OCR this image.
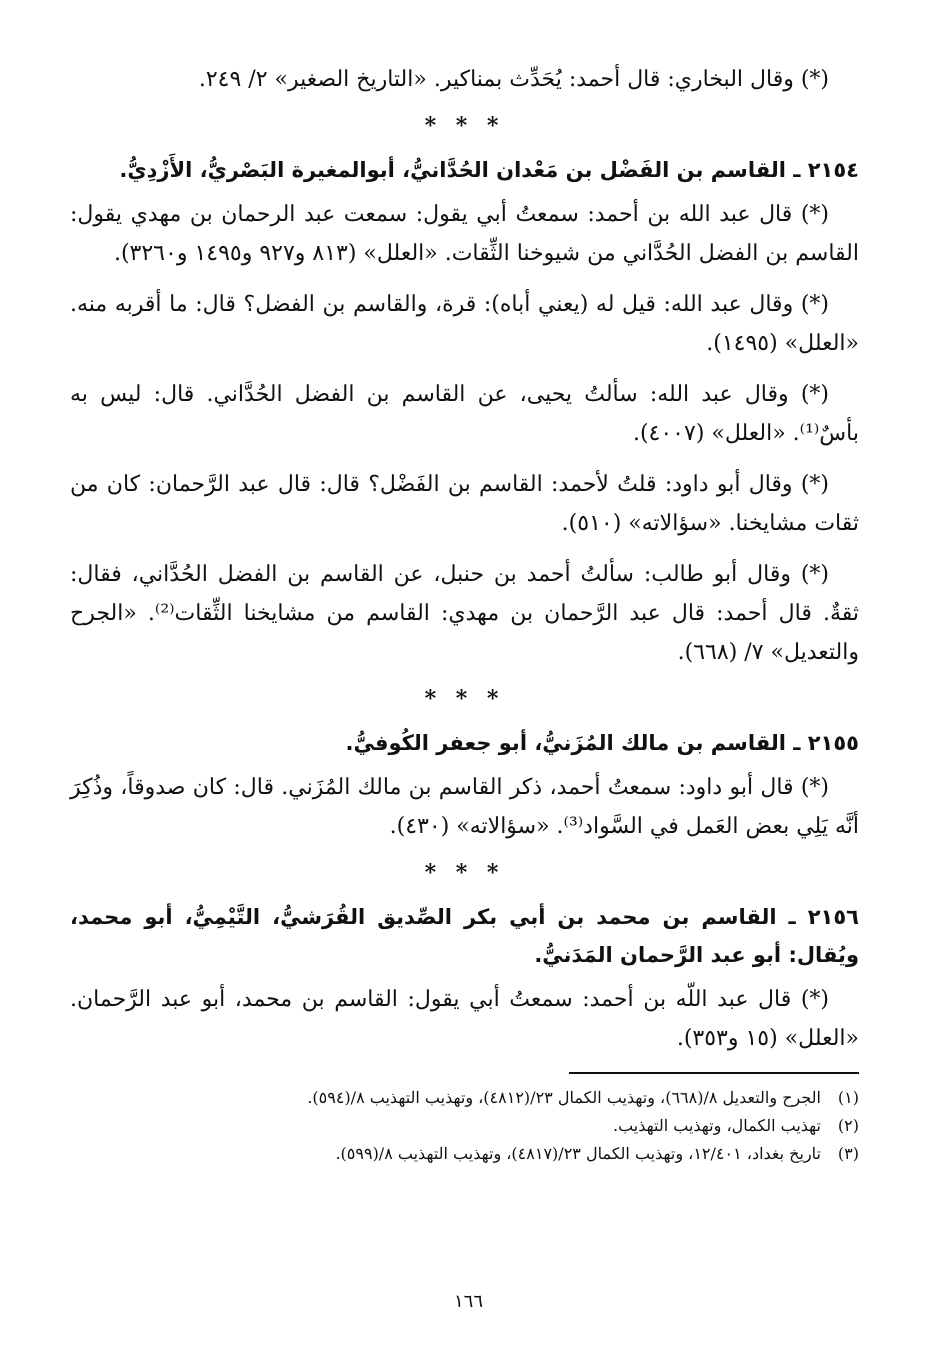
(*) وقال البخاري: قال أحمد: يُحَدِّث بمناكير. «التاريخ الصغير» ٢/ ٢٤٩.

* * *
٢١٥٤ ـ القاسم بن الفَضْل بن مَعْدان الحُدَّانيُّ، أبوالمغيرة البَصْريُّ، الأَزْدِيُّ.

(*) قال عبد الله بن أحمد: سمعتُ أبي يقول: سمعت عبد الرحمان بن مهدي يقول: القاسم بن الفضل الحُدَّاني من شيوخنا الثِّقات. «العلل» (٨١٣ و٩٢٧ و١٤٩٥ و٣٢٦٠).

(*) وقال عبد الله: قيل له (يعني أباه): قرة، والقاسم بن الفضل؟ قال: ما أقربه منه. «العلل» (١٤٩٥).

(*) وقال عبد الله: سألتُ يحيى، عن القاسم بن الفضل الحُدَّاني. قال: ليس به بأسٌ⁽¹⁾. «العلل» (٤٠٠٧).

(*) وقال أبو داود: قلتُ لأحمد: القاسم بن الفَضْل؟ قال: قال عبد الرَّحمان: كان من ثقات مشايخنا. «سؤالاته» (٥١٠).

(*) وقال أبو طالب: سألتُ أحمد بن حنبل، عن القاسم بن الفضل الحُدَّاني، فقال: ثقةٌ. قال أحمد: قال عبد الرَّحمان بن مهدي: القاسم من مشايخنا الثِّقات⁽²⁾. «الجرح والتعديل» ٧/ (٦٦٨).

* * *
٢١٥٥ ـ القاسم بن مالك المُزَنيُّ، أبو جعفر الكُوفيُّ.

(*) قال أبو داود: سمعتُ أحمد، ذكر القاسم بن مالك المُزَني. قال: كان صدوقاً، وذُكِرَ أنَّه يَلِي بعض العَمل في السَّواد⁽³⁾. «سؤالاته» (٤٣٠).

* * *
٢١٥٦ ـ القاسم بن محمد بن أبي بكر الصِّديق القُرَشيُّ، التَّيْمِيُّ، أبو محمد، ويُقال: أبو عبد الرَّحمان المَدَنيُّ.

(*) قال عبد اللّه بن أحمد: سمعتُ أبي يقول: القاسم بن محمد، أبو عبد الرَّحمان. «العلل» (١٥ و٣٥٣).

(١)
الجرح والتعديل ٨/(٦٦٨)، وتهذيب الكمال ٢٣/(٤٨١٢)، وتهذيب التهذيب ٨/(٥٩٤).
(٢)
تهذيب الكمال، وتهذيب التهذيب.
(٣)
تاريخ بغداد، ١٢/٤٠١، وتهذيب الكمال ٢٣/(٤٨١٧)، وتهذيب التهذيب ٨/(٥٩٩).
١٦٦
